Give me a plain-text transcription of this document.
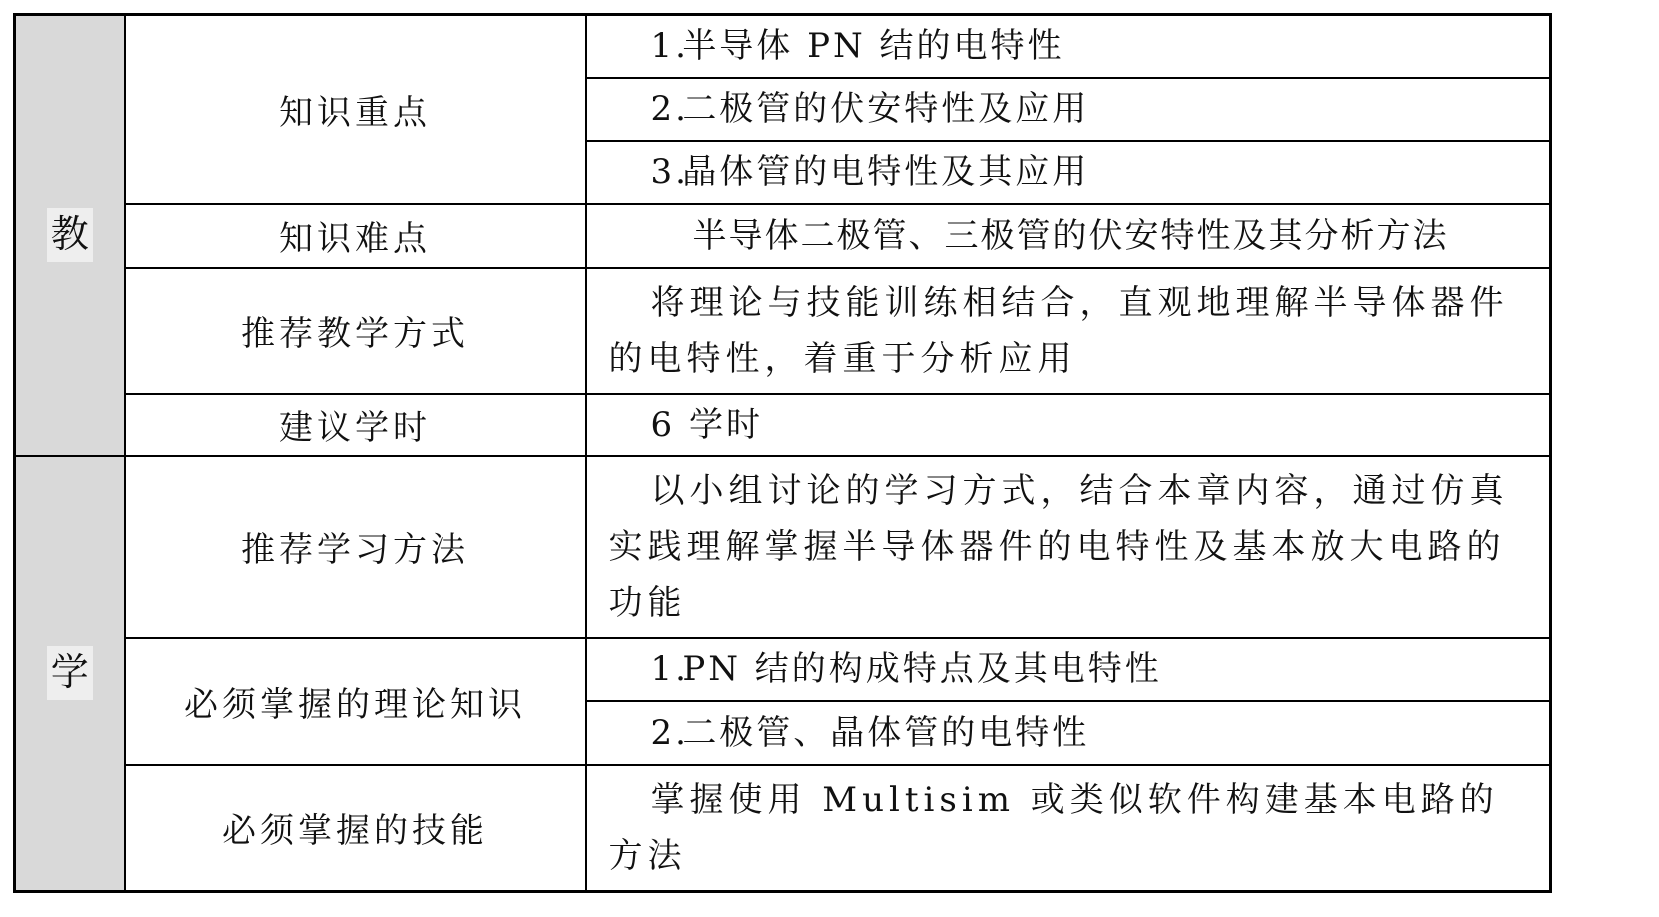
教	知识重点	1. 半导体 PN 结的电特性
		2. 二极管的伏安特性及应用
		3. 晶体管的电特性及其应用
	知识难点	半导体二极管、三极管的伏安特性及其分析方法
	推荐教学方式	将理论与技能训练相结合，直观地理解半导体器件的电特性，着重于分析应用
	建议学时	6 学时
学	推荐学习方法	以小组讨论的学习方式，结合本章内容，通过仿真实践理解掌握半导体器件的电特性及基本放大电路的功能
	必须掌握的理论知识	1. PN 结的构成特点及其电特性
		2. 二极管、晶体管的电特性
	必须掌握的技能	掌握使用 Multisim 或类似软件构建基本电路的方法
